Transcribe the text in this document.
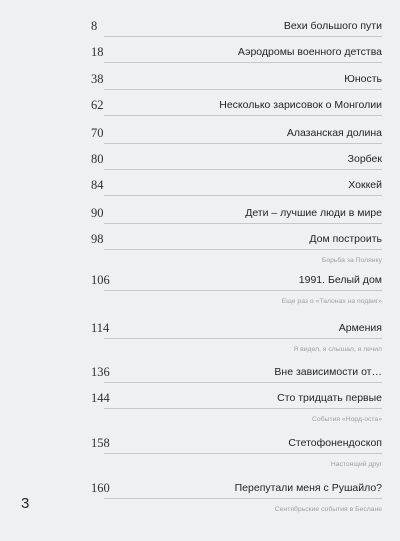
8	Вехи большого пути
18	Аэродромы военного детства
38	Юность
62	Несколько зарисовок о Монголии
70	Алазанская долина
80	Зорбек
84	Хоккей
90	Дети – лучшие люди в мире
98	Дом построить
Борьба за Полянку
106	1991. Белый дом
Еще раз о «Талонах на подвиг»
114	Армения
Я видел, я слышал, я лечил
136	Вне зависимости от…
144	Сто тридцать первые
События «Норд-оста»
158	Стетофонендоскоп
Настоящий друг
160	Перепутали меня с Рушайло?
Сентябрьские события в Беслане
3
